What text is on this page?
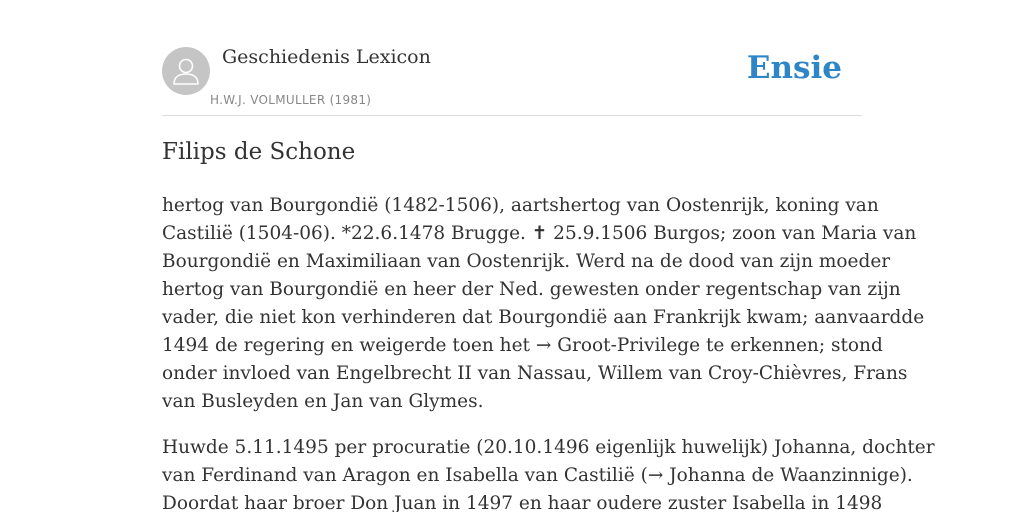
Geschiedenis Lexicon
H.W.J. VOLMULLER (1981)
Ensie
Filips de Schone

hertog van Bourgondië (1482-1506), aartshertog van Oostenrijk, koning van
Castilië (1504-06). *22.6.1478 Brugge. ✝ 25.9.1506 Burgos; zoon van Maria van
Bourgondië en Maximiliaan van Oostenrijk. Werd na de dood van zijn moeder
hertog van Bourgondië en heer der Ned. gewesten onder regentschap van zijn
vader, die niet kon verhinderen dat Bourgondië aan Frankrijk kwam; aanvaardde
1494 de regering en weigerde toen het → Groot-Privilege te erkennen; stond
onder invloed van Engelbrecht II van Nassau, Willem van Croy-Chièvres, Frans
van Busleyden en Jan van Glymes.

Huwde 5.11.1495 per procuratie (20.10.1496 eigenlijk huwelijk) Johanna, dochter
van Ferdinand van Aragon en Isabella van Castilië (→ Johanna de Waanzinnige).
Doordat haar broer Don Juan in 1497 en haar oudere zuster Isabella in 1498
